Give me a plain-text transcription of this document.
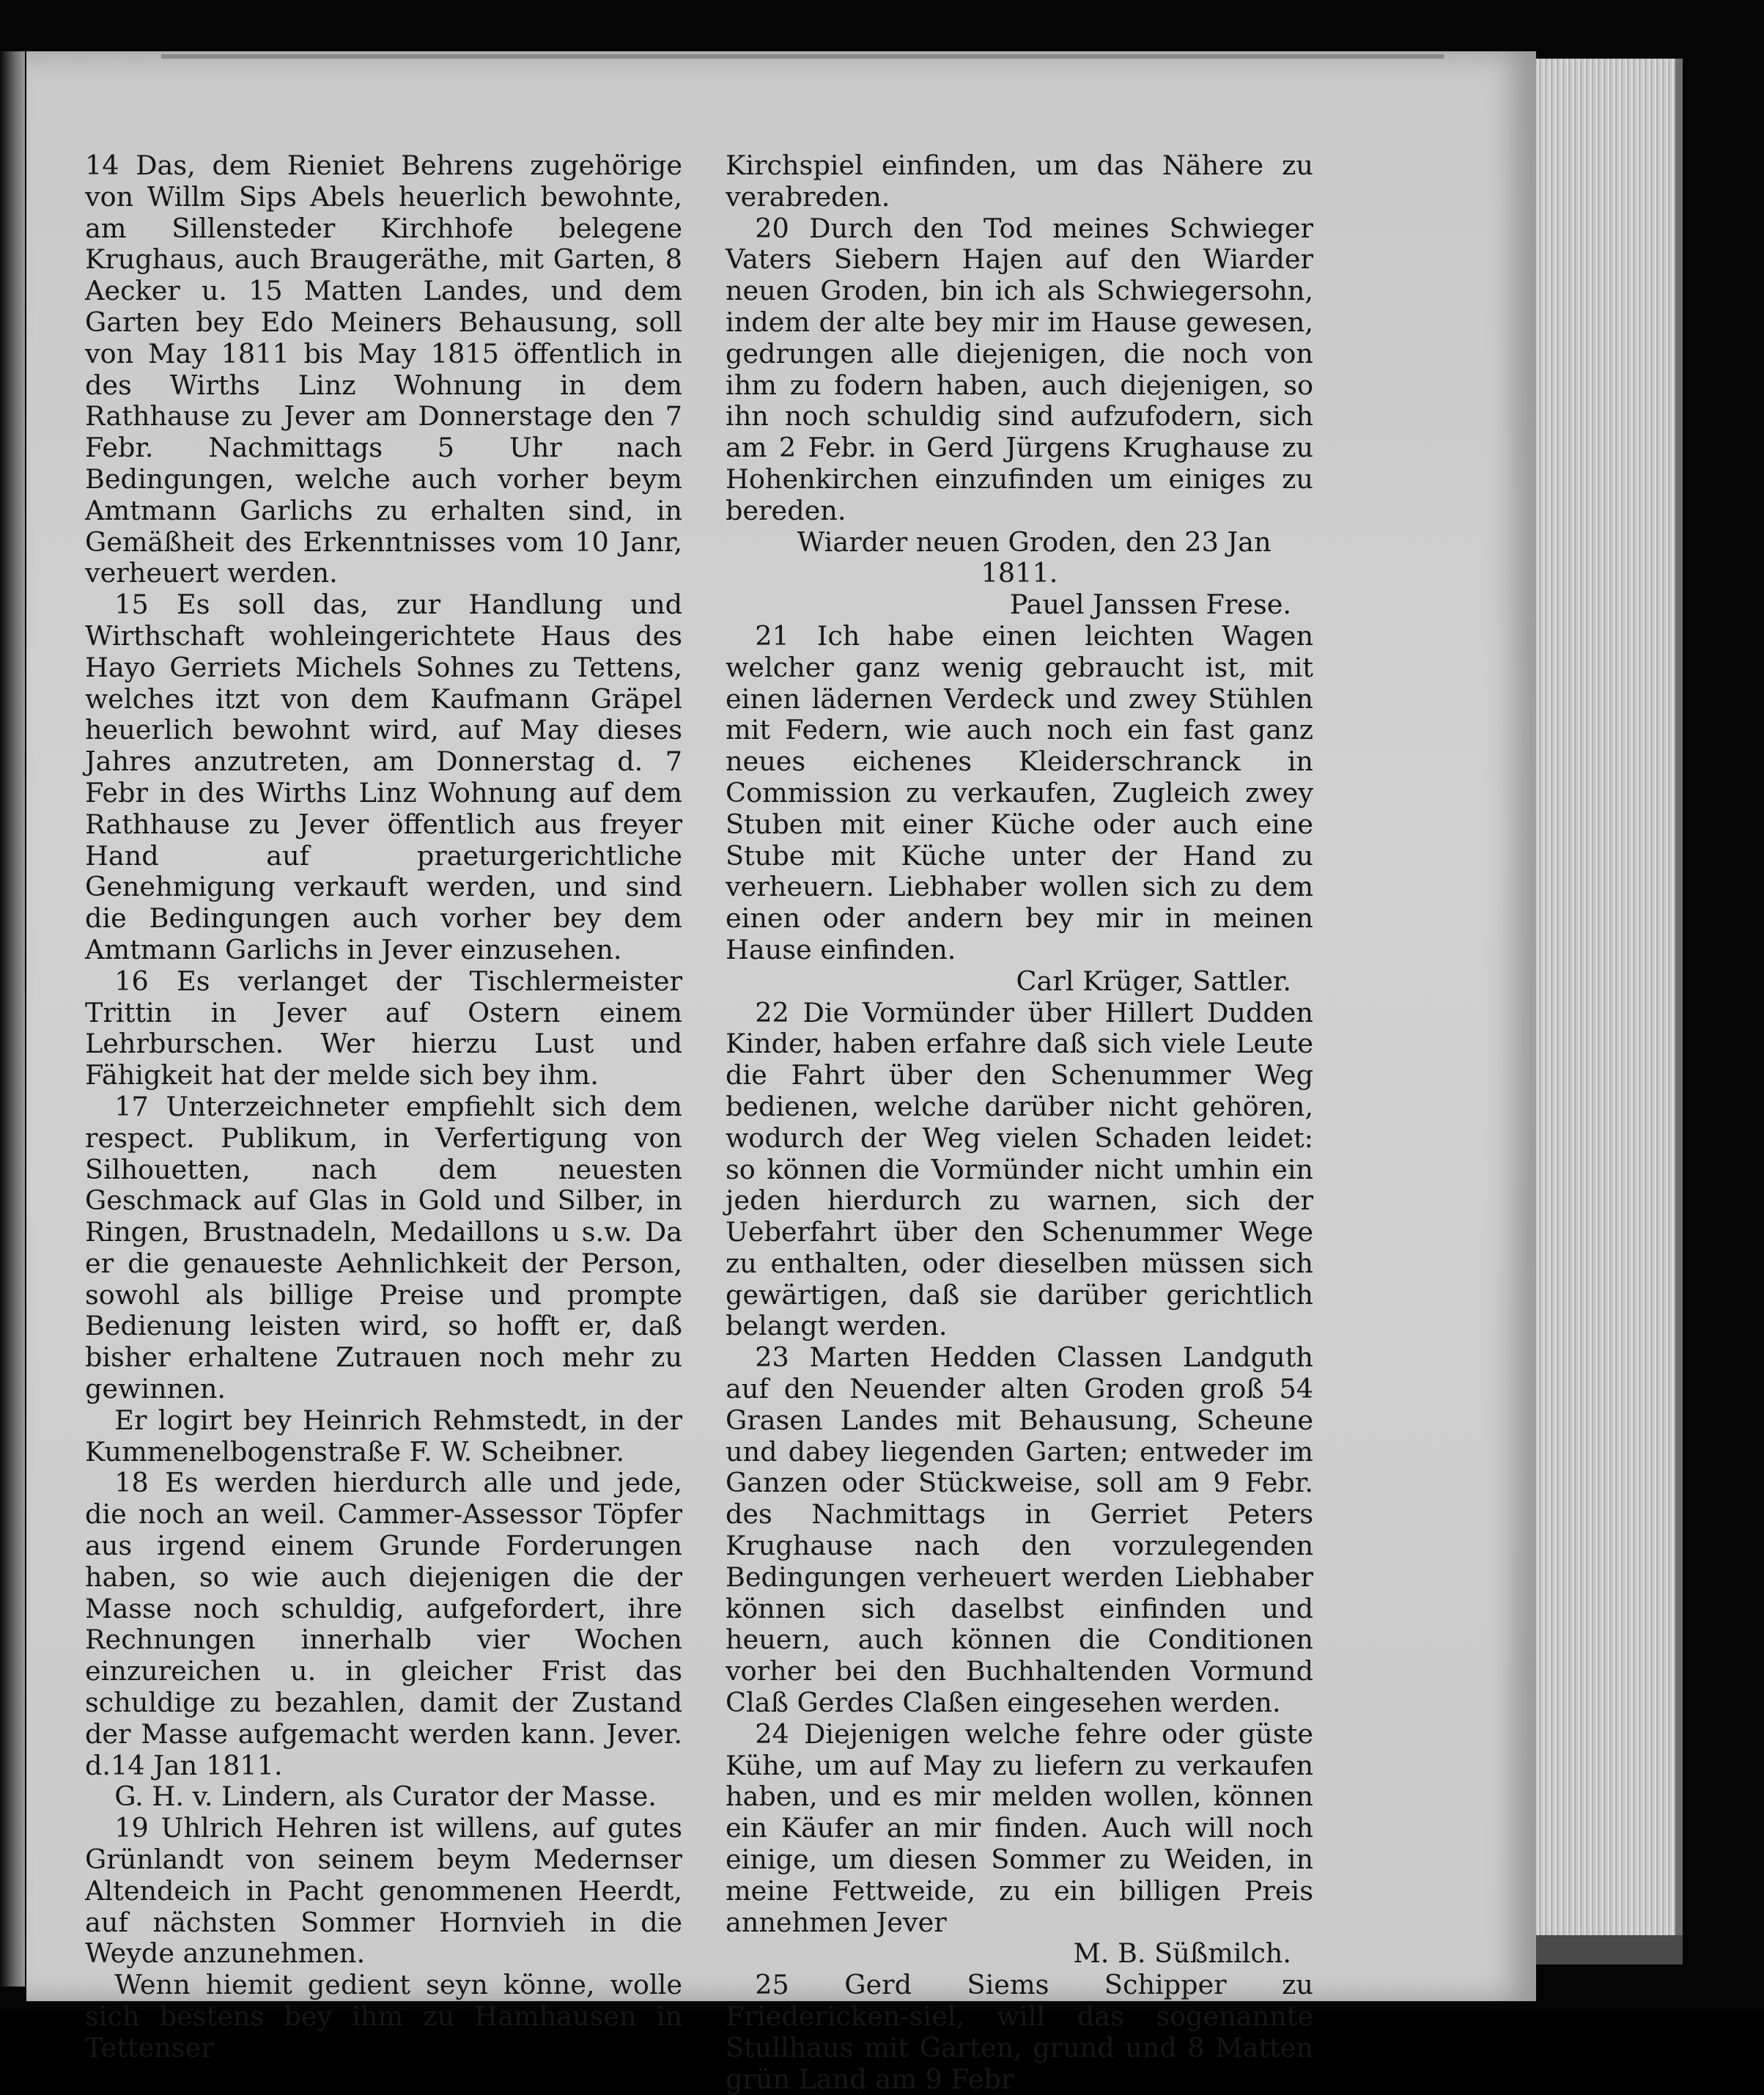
14 Das, dem Rieniet Behrens zugehörige von Willm Sips Abels heuerlich bewohnte, am Sillensteder Kirchhofe belegene Krughaus, auch Braugeräthe, mit Garten, 8 Aecker u. 15 Matten Landes, und dem Garten bey Edo Meiners Behausung, soll von May 1811 bis May 1815 öffentlich in des Wirths Linz Wohnung in dem Rathhause zu Jever am Donnerstage den 7 Febr. Nachmittags 5 Uhr nach Bedingungen, welche auch vorher beym Amtmann Garlichs zu erhalten sind, in Gemäßheit des Erkenntnisses vom 10 Janr, verheuert werden.

15 Es soll das, zur Handlung und Wirthschaft wohleingerichtete Haus des Hayo Gerriets Michels Sohnes zu Tettens, welches itzt von dem Kaufmann Gräpel heuerlich bewohnt wird, auf May dieses Jahres anzutreten, am Donnerstag d. 7 Febr in des Wirths Linz Wohnung auf dem Rathhause zu Jever öffentlich aus freyer Hand auf praeturgerichtliche Genehmigung verkauft werden, und sind die Bedingungen auch vorher bey dem Amtmann Garlichs in Jever einzusehen.

16 Es verlanget der Tischlermeister Trittin in Jever auf Ostern einem Lehrburschen. Wer hierzu Lust und Fähigkeit hat der melde sich bey ihm.

17 Unterzeichneter empfiehlt sich dem respect. Publikum, in Verfertigung von Silhouetten, nach dem neuesten Geschmack auf Glas in Gold und Silber, in Ringen, Brustnadeln, Medaillons u s.w. Da er die genaueste Aehnlichkeit der Person, sowohl als billige Preise und prompte Bedienung leisten wird, so hofft er, daß bisher erhaltene Zutrauen noch mehr zu gewinnen.

Er logirt bey Heinrich Rehmstedt, in der Kummenelbogenstraße F. W. Scheibner.

18 Es werden hierdurch alle und jede, die noch an weil. Cammer-Assessor Töpfer aus irgend einem Grunde Forderungen haben, so wie auch diejenigen die der Masse noch schuldig, aufgefordert, ihre Rechnungen innerhalb vier Wochen einzureichen u. in gleicher Frist das schuldige zu bezahlen, damit der Zustand der Masse aufgemacht werden kann. Jever. d.14 Jan 1811.

G. H. v. Lindern, als Curator der Masse.

19 Uhlrich Hehren ist willens, auf gutes Grünlandt von seinem beym Medernser Altendeich in Pacht genommenen Heerdt, auf nächsten Sommer Hornvieh in die Weyde anzunehmen.

Wenn hiemit gedient seyn könne, wolle sich bestens bey ihm zu Hamhausen in Tettenser

Kirchspiel einfinden, um das Nähere zu verabreden.

20 Durch den Tod meines Schwieger Vaters Siebern Hajen auf den Wiarder neuen Groden, bin ich als Schwiegersohn, indem der alte bey mir im Hause gewesen, gedrungen alle diejenigen, die noch von ihm zu fodern haben, auch diejenigen, so ihn noch schuldig sind aufzufodern, sich am 2 Febr. in Gerd Jürgens Krughause zu Hohenkirchen einzufinden um einiges zu bereden.

Wiarder neuen Groden, den 23 Jan 1811.

Pauel Janssen Frese.

21 Ich habe einen leichten Wagen welcher ganz wenig gebraucht ist, mit einen lädernen Verdeck und zwey Stühlen mit Federn, wie auch noch ein fast ganz neues eichenes Kleiderschranck in Commission zu verkaufen, Zugleich zwey Stuben mit einer Küche oder auch eine Stube mit Küche unter der Hand zu verheuern. Liebhaber wollen sich zu dem einen oder andern bey mir in meinen Hause einfinden.

Carl Krüger, Sattler.

22 Die Vormünder über Hillert Dudden Kinder, haben erfahre daß sich viele Leute die Fahrt über den Schenummer Weg bedienen, welche darüber nicht gehören, wodurch der Weg vielen Schaden leidet: so können die Vormünder nicht umhin ein jeden hierdurch zu warnen, sich der Ueberfahrt über den Schenummer Wege zu enthalten, oder dieselben müssen sich gewärtigen, daß sie darüber gerichtlich belangt werden.

23 Marten Hedden Classen Landguth auf den Neuender alten Groden groß 54 Grasen Landes mit Behausung, Scheune und dabey liegenden Garten; entweder im Ganzen oder Stückweise, soll am 9 Febr. des Nachmittags in Gerriet Peters Krughause nach den vorzulegenden Bedingungen verheuert werden Liebhaber können sich daselbst einfinden und heuern, auch können die Conditionen vorher bei den Buchhaltenden Vormund Claß Gerdes Claßen eingesehen werden.

24 Diejenigen welche fehre oder güste Kühe, um auf May zu liefern zu verkaufen haben, und es mir melden wollen, können ein Käufer an mir finden. Auch will noch einige, um diesen Sommer zu Weiden, in meine Fettweide, zu ein billigen Preis annehmen Jever

M. B. Süßmilch.

25 Gerd Siems Schipper zu Friedericken-siel, will das sogenannte Stullhaus mit Garten, grund und 8 Matten grün Land am 9 Febr
